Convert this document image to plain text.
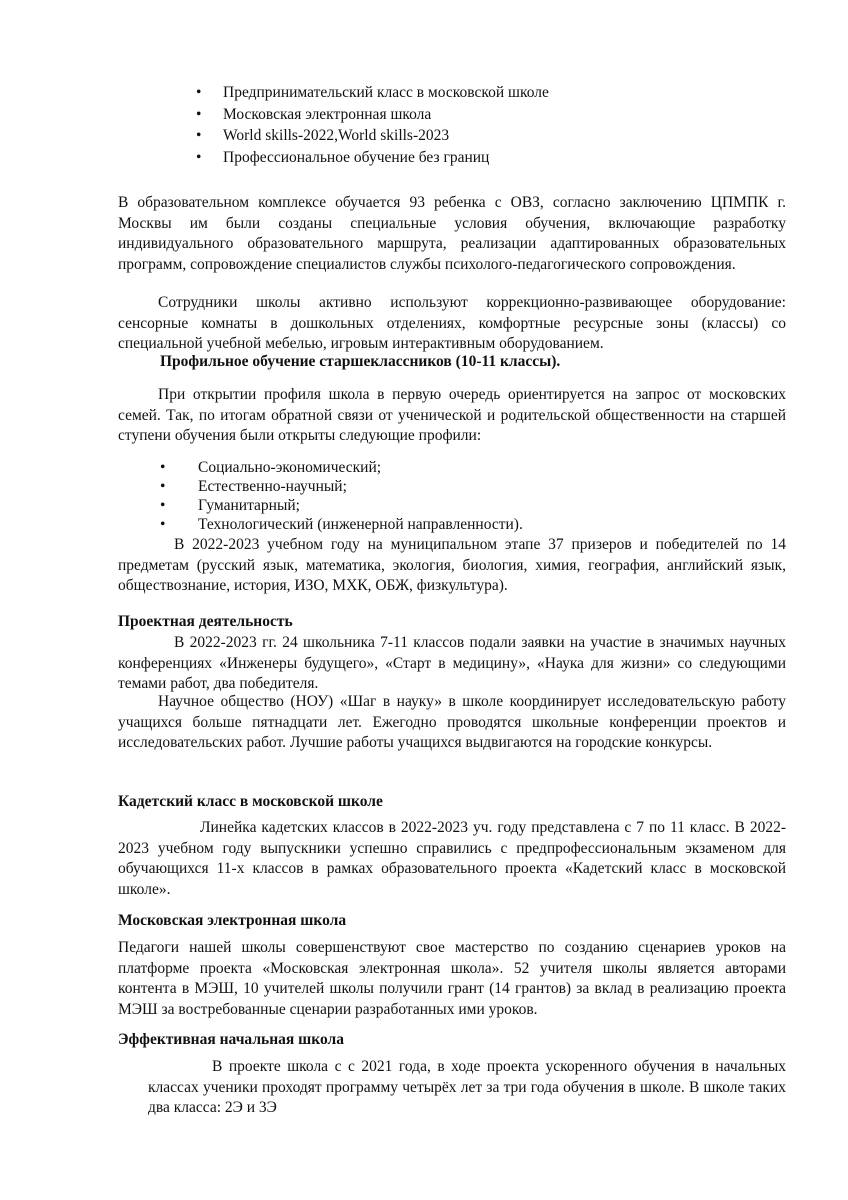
• Предпринимательский класс в московской школе
• Московская электронная школа
• World skills-2022,World skills-2023
• Профессиональное обучение без границ

В образовательном комплексе обучается 93 ребенка с ОВЗ, согласно заключению ЦПМПК г. Москвы им были созданы специальные условия обучения, включающие разработку индивидуального образовательного маршрута, реализации адаптированных образовательных программ, сопровождение специалистов службы психолого-педагогического сопровождения.

Сотрудники школы активно используют коррекционно-развивающее оборудование: сенсорные комнаты в дошкольных отделениях, комфортные ресурсные зоны (классы) со специальной учебной мебелью, игровым интерактивным оборудованием.

Профильное обучение старшеклассников (10-11 классы).

При открытии профиля школа в первую очередь ориентируется на запрос от московских семей. Так, по итогам обратной связи от ученической и родительской общественности на старшей ступени обучения были открыты следующие профили:

• Социально-экономический;
• Естественно-научный;
• Гуманитарный;
• Технологический (инженерной направленности).

В 2022-2023 учебном году на муниципальном этапе 37 призеров и победителей по 14 предметам (русский язык, математика, экология, биология, химия, география, английский язык, обществознание, история, ИЗО, МХК, ОБЖ, физкультура).

Проектная деятельность

В 2022-2023 гг. 24 школьника 7-11 классов подали заявки на участие в значимых научных конференциях «Инженеры будущего», «Старт в медицину», «Наука для жизни» со следующими темами работ, два победителя.

Научное общество (НОУ) «Шаг в науку» в школе координирует исследовательскую работу учащихся больше пятнадцати лет. Ежегодно проводятся школьные конференции проектов и исследовательских работ. Лучшие работы учащихся выдвигаются на городские конкурсы.

Кадетский класс в московской школе

Линейка кадетских классов в 2022-2023 уч. году представлена с 7 по 11 класс. В 2022-2023 учебном году выпускники успешно справились с предпрофессиональным экзаменом для обучающихся 11-х классов в рамках образовательного проекта «Кадетский класс в московской школе».

Московская электронная школа

Педагоги нашей школы совершенствуют свое мастерство по созданию сценариев уроков на платформе проекта «Московская электронная школа». 52 учителя школы является авторами контента в МЭШ, 10 учителей школы получили грант (14 грантов) за вклад в реализацию проекта МЭШ за востребованные сценарии разработанных ими уроков.

Эффективная начальная школа

В проекте школа с с 2021 года, в ходе проекта ускоренного обучения в начальных классах ученики проходят программу четырёх лет за три года обучения в школе. В школе таких два класса: 2Э и 3Э
